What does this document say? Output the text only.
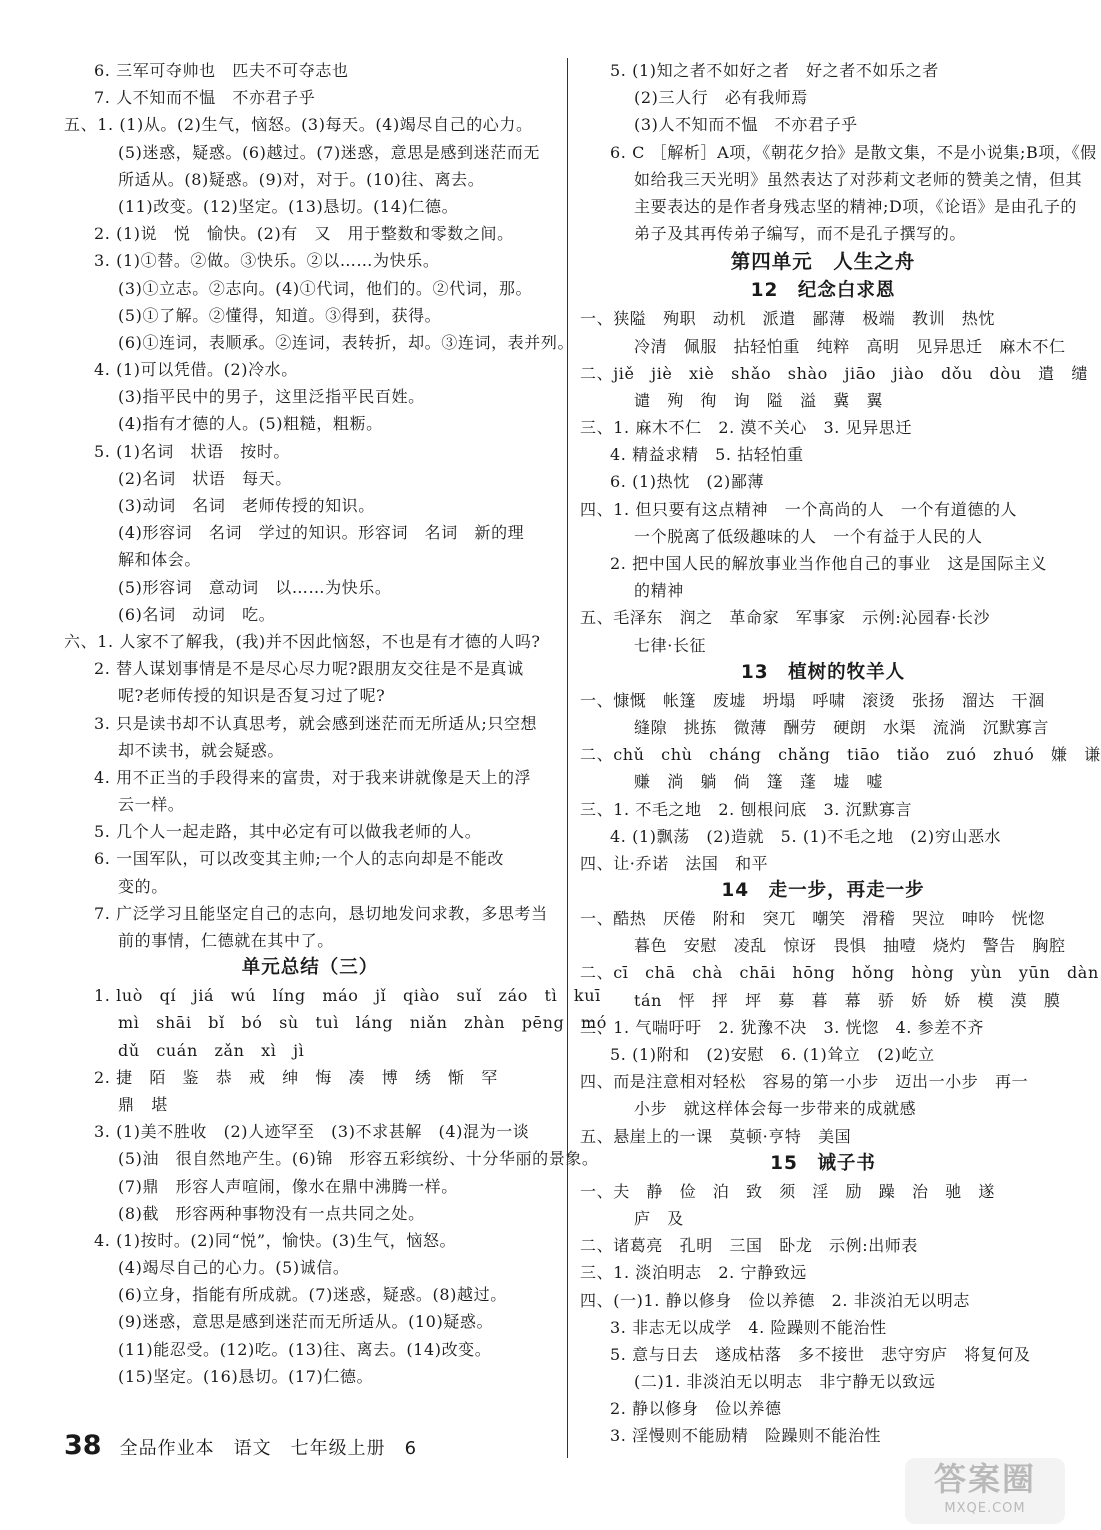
6. 三军可夺帅也　匹夫不可夺志也
7. 人不知而不愠　不亦君子乎
五、1. (1)从。(2)生气，恼怒。(3)每天。(4)竭尽自己的心力。
(5)迷惑，疑惑。(6)越过。(7)迷惑，意思是感到迷茫而无
所适从。(8)疑惑。(9)对，对于。(10)往、离去。
(11)改变。(12)坚定。(13)恳切。(14)仁德。
2. (1)说　悦　愉快。(2)有　又　用于整数和零数之间。
3. (1)①替。②做。③快乐。②以……为快乐。
(3)①立志。②志向。(4)①代词，他们的。②代词，那。
(5)①了解。②懂得，知道。③得到，获得。
(6)①连词，表顺承。②连词，表转折，却。③连词，表并列。
4. (1)可以凭借。(2)冷水。
(3)指平民中的男子，这里泛指平民百姓。
(4)指有才德的人。(5)粗糙，粗粝。
5. (1)名词　状语　按时。
(2)名词　状语　每天。
(3)动词　名词　老师传授的知识。
(4)形容词　名词　学过的知识。形容词　名词　新的理
解和体会。
(5)形容词　意动词　以……为快乐。
(6)名词　动词　吃。
六、1. 人家不了解我，(我)并不因此恼怒，不也是有才德的人吗?
2. 替人谋划事情是不是尽心尽力呢?跟朋友交往是不是真诚
呢?老师传授的知识是否复习过了呢?
3. 只是读书却不认真思考，就会感到迷茫而无所适从;只空想
却不读书，就会疑惑。
4. 用不正当的手段得来的富贵，对于我来讲就像是天上的浮
云一样。
5. 几个人一起走路，其中必定有可以做我老师的人。
6. 一国军队，可以改变其主帅;一个人的志向却是不能改
变的。
7. 广泛学习且能坚定自己的志向，恳切地发问求教，多思考当
前的事情，仁德就在其中了。
单元总结（三）
1. luò　qí　jiá　wú　líng　máo　jǐ　qiào　suǐ　záo　tì　kuī
mì　shāi　bǐ　bó　sù　tuì　láng　niǎn　zhàn　pēng　mó
dǔ　cuán　zǎn　xì　jì
2. 捷　陌　鉴　恭　戒　绅　悔　凑　博　绣　惭　罕
鼎　堪
3. (1)美不胜收　(2)人迹罕至　(3)不求甚解　(4)混为一谈
(5)油　很自然地产生。(6)锦　形容五彩缤纷、十分华丽的景象。
(7)鼎　形容人声喧闹，像水在鼎中沸腾一样。
(8)截　形容两种事物没有一点共同之处。
4. (1)按时。(2)同“悦”，愉快。(3)生气，恼怒。
(4)竭尽自己的心力。(5)诚信。
(6)立身，指能有所成就。(7)迷惑，疑惑。(8)越过。
(9)迷惑，意思是感到迷茫而无所适从。(10)疑惑。
(11)能忍受。(12)吃。(13)往、离去。(14)改变。
(15)坚定。(16)恳切。(17)仁德。
5. (1)知之者不如好之者　好之者不如乐之者
(2)三人行　必有我师焉
(3)人不知而不愠　不亦君子乎
6. C ［解析］A项，《朝花夕拾》是散文集，不是小说集;B项，《假
如给我三天光明》虽然表达了对莎莉文老师的赞美之情，但其
主要表达的是作者身残志坚的精神;D项，《论语》是由孔子的
弟子及其再传弟子编写，而不是孔子撰写的。
第四单元　人生之舟
12　纪念白求恩
一、狭隘　殉职　动机　派遣　鄙薄　极端　教训　热忱
冷清　佩服　拈轻怕重　纯粹　高明　见异思迁　麻木不仁
二、jiě　jiè　xiè　shǎo　shào　jiāo　jiào　dǒu　dòu　遣　缱
谴　殉　徇　询　隘　溢　冀　翼
三、1. 麻木不仁　2. 漠不关心　3. 见异思迁
4. 精益求精　5. 拈轻怕重
6. (1)热忱　(2)鄙薄
四、1. 但只要有这点精神　一个高尚的人　一个有道德的人
一个脱离了低级趣味的人　一个有益于人民的人
2. 把中国人民的解放事业当作他自己的事业　这是国际主义
的精神
五、毛泽东　润之　革命家　军事家　示例:沁园春·长沙
七律·长征
13　植树的牧羊人
一、慷慨　帐篷　废墟　坍塌　呼啸　滚烫　张扬　溜达　干涸
缝隙　挑拣　微薄　酬劳　硬朗　水渠　流淌　沉默寡言
二、chǔ　chù　cháng　chǎng　tiāo　tiǎo　zuó　zhuó　嫌　谦
赚　淌　躺　倘　篷　蓬　墟　嘘
三、1. 不毛之地　2. 刨根问底　3. 沉默寡言
4. (1)飘荡　(2)造就　5. (1)不毛之地　(2)穷山恶水
四、让·乔诺　法国　和平
14　走一步，再走一步
一、酷热　厌倦　附和　突兀　嘲笑　滑稽　哭泣　呻吟　恍惚
暮色　安慰　凌乱　惊讶　畏惧　抽噎　烧灼　警告　胸腔
二、cī　chā　chà　chāi　hōng　hǒng　hòng　yùn　yūn　dàn
tán　怦　抨　坪　募　暮　幕　骄　娇　娇　模　漠　膜
三、1. 气喘吁吁　2. 犹豫不决　3. 恍惚　4. 参差不齐
5. (1)附和　(2)安慰　6. (1)耸立　(2)屹立
四、而是注意相对轻松　容易的第一小步　迈出一小步　再一
小步　就这样体会每一步带来的成就感
五、悬崖上的一课　莫顿·亨特　美国
15　诫子书
一、夫　静　俭　泊　致　须　淫　励　躁　治　驰　遂
庐　及
二、诸葛亮　孔明　三国　卧龙　示例:出师表
三、1. 淡泊明志　2. 宁静致远
四、(一)1. 静以修身　俭以养德　2. 非淡泊无以明志
3. 非志无以成学　4. 险躁则不能治性
5. 意与日去　遂成枯落　多不接世　悲守穷庐　将复何及
(二)1. 非淡泊无以明志　非宁静无以致远
2. 静以修身　俭以养德
3. 淫慢则不能励精　险躁则不能治性
38 全品作业本　语文　七年级上册　6
答案圈
MXQE.COM
